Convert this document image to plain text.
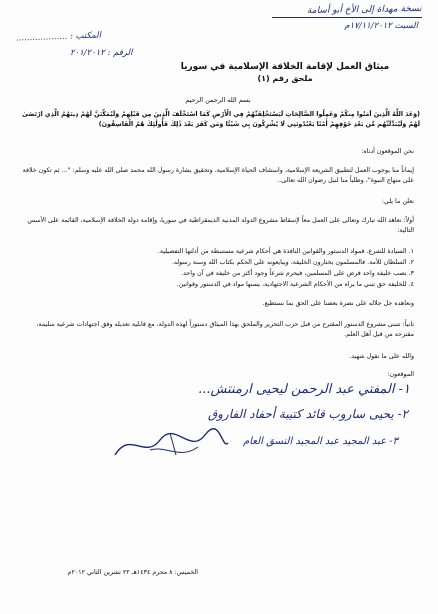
نسخة مهداة إلى الأخ أبو أسامة
السبت ١٧/١١/٢٠١٢م
المكتب : ...................
الرقم : ٢٠١/٢٠١٢
ميثاق العمل لإقامة الخلافة الإسلامية في سوريا
ملحق رقم (١)
بسم الله الرحمن الرحيم
(وَعَدَ اللَّهُ الَّذِينَ آمَنُوا مِنكُمْ وَعَمِلُوا الصَّالِحَاتِ لَيَسْتَخْلِفَنَّهُمْ فِي الْأَرْضِ كَمَا اسْتَخْلَفَ الَّذِينَ مِن قَبْلِهِمْ وَلَيُمَكِّنَنَّ لَهُمْ دِينَهُمُ الَّذِي ارْتَضَىٰ لَهُمْ وَلَيُبَدِّلَنَّهُم مِّن بَعْدِ خَوْفِهِمْ أَمْنًا يَعْبُدُونَنِي لَا يُشْرِكُونَ بِي شَيْئًا وَمَن كَفَرَ بَعْدَ ذَٰلِكَ فَأُولَٰئِكَ هُمُ الْفَاسِقُونَ)
نحن الموقعون أدناه:
إيماناً منا بوجوب العمل لتطبيق الشريعة الإسلامية، واستئناف الحياة الإسلامية، وتحقيق بشارة رسول الله محمد صلى الله عليه وسلم: "... ثم تكون خلافة على منهاج النبوة"، وطلباً منا لنيل رضوان الله تعالى..
نعلن ما يلي:
أولاً: نعاهد الله تبارك وتعالى على العمل معاً لإسقاط مشروع الدولة المدنية الديمقراطية في سوريا، وإقامة دولة الخلافة الإسلامية، القائمة على الأسس التالية:
١. السيادة للشرع. فمواد الدستور والقوانين النافذة هي أحكام شرعية مستنبطة من أدلتها التفصيلية.
٢. السلطان للأمة. فالمسلمون يختارون الخليفة، ويبايعونه على الحكم بكتاب الله وسنة رسوله.
٣. نصب خليفة واحد فرض على المسلمين، فيحرم شرعاً وجود أكثر من خليفة في آن واحد.
٤. للخليفة حق تبني ما يراه من الأحكام الشرعية الاجتهادية، يسنها مواد في الدستور وقوانين.
ونعاهده جل جلاله على نصرة بعضنا على الحق بما نستطيع.
ثانياً: نتبنى مشروع الدستور المقترح من قبل حزب التحرير والملحق بهذا الميثاق دستوراً لهذه الدولة، مع قابلية تعديله وفق اجتهادات شرعية سليمة، مقترحة من قبل أهل العلم.
والله على ما نقول شهيد.
الموقعون:
١- المفتي عبد الرحمن ليحيى ارمنتش...
٢- يحيى ساروب قائد كتيبة أحفاد الفاروق
٣- عبد المجيد عبد المجيد النسق العام
الخميس: ٨ محرم ١٤٣٤هـ ٢٢ تشرين الثاني ٢٠١٢م
